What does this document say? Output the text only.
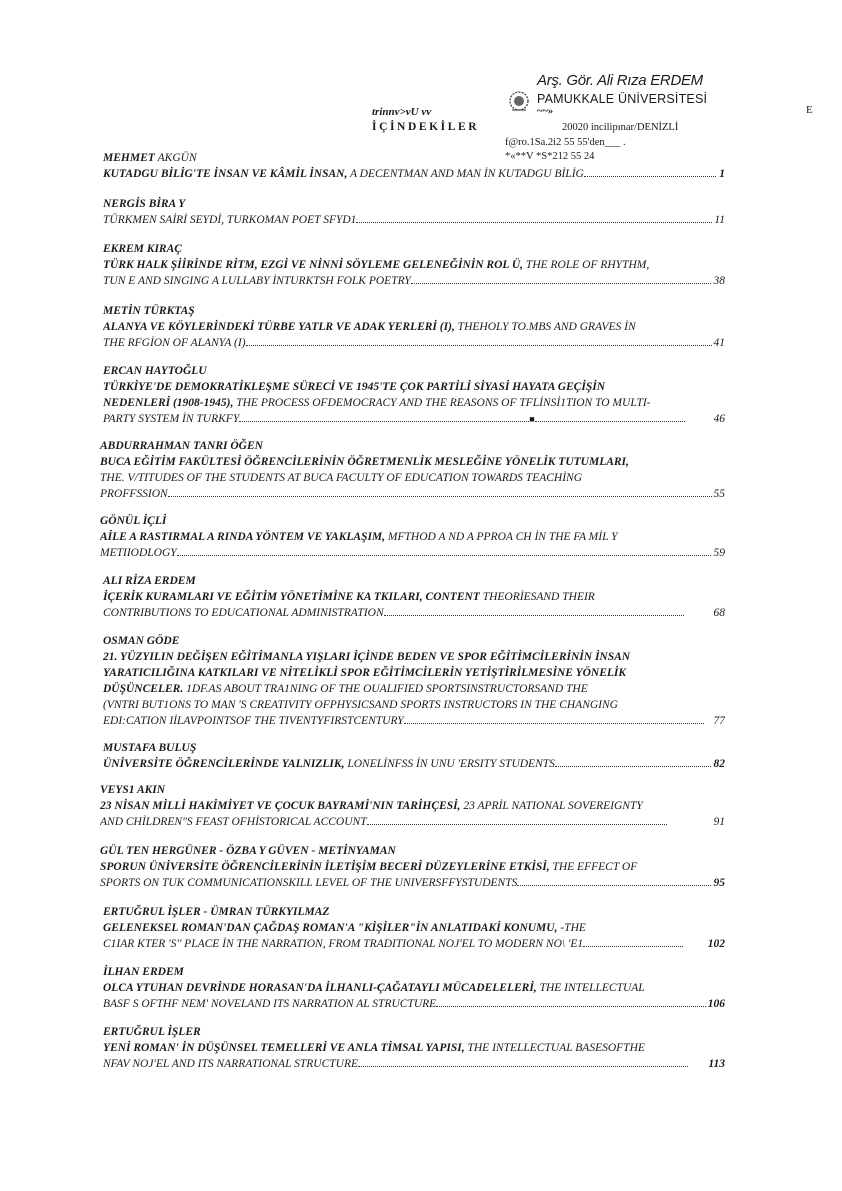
Arş. Gör. Ali Rıza ERDEM
PAMUKKALE ÜNİVERSİTESİ
~~»
trinnv>vU vv
İÇİNDEKİLER	20020 incilipınar/DENİZLİ
f@ro.1Sa.2i2 55 55'den___ .
*«**V *S*212 55 24
E
MEHMET AKGÜN
KUTADGU BİLİG'TE İNSAN VE KÂMİL İNSAN, A DECENTMAN AND MAN İN KUTADGU BİLİG	1
NERGİS BİRA Y
TÜRKMEN SAİRİ SEYDİ, TURKOMAN POET SFYD1	11
EKREM KIRAÇ
TÜRK HALK ŞİİRİNDE RİTM, EZGİ VE NİNNİ SÖYLEME GELENEĞİNİN ROL Ü, THE ROLE OF RHYTHM,
TUN E AND SINGING A LULLABY İNTURKTSH FOLK POETRY	38
METİN TÜRKTAŞ
ALANYA VE KÖYLERİNDEKİ TÜRBE YATLR VE ADAK YERLERİ (I), THEHOLY TO.MBS AND GRAVES İN
THE RFGİON OF ALANYA (I)	41
ERCAN HAYTOĞLU
TÜRKİYE'DE DEMOKRATİKLEŞME SÜRECİ VE 1945'TE ÇOK PARTİLİ SİYASİ HAYATA GEÇİŞİN
NEDENLERİ (1908-1945), THE PROCESS OFDEMOCRACY AND THE REASONS OF TFLİNSİ1TION TO MULTI-
PARTY SYSTEM İN TURKFY	■	46
ABDURRAHMAN TANRI ÖĞEN
BUCA EĞİTİM FAKÜLTESİ ÖĞRENCİLERİNİN ÖĞRETMENLİK MESLEĞİNE YÖNELİK TUTUMLARI,
THE. V/TITUDES OF THE STUDENTS AT BUCA FACULTY OF EDUCATION TOWARDS TEACHİNG
PROFFSSION	55
GÖNÜL İÇLİ
AİLE A RASTIRMAL A RINDA YÖNTEM VE YAKLAŞIM, MFTHOD A ND A PPROA CH İN THE FA MİL Y
METIIODLOGY	59
ALI RİZA ERDEM
İÇERİK KURAMLARI VE EĞİTİM YÖNETİMİNE KA TKILARI, CONTENT THEORİESAND THEIR
CONTRIBUTIONS TO EDUCATIONAL ADMINISTRATION	68
OSMAN GÖDE
21. YÜZYILIN DEĞİŞEN EĞİTİMANLA YIŞLARI İÇİNDE BEDEN VE SPOR EĞİTİMCİLERİNİN İNSAN
YARATICILIĞINA KATKILARI VE NİTELİKLİ SPOR EĞİTİMCİLERİN YETİŞTİRİLMESİNE YÖNELİK
DÜŞÜNCELER. 1DF.AS ABOUT TRA1NING OF THE OUALIFIED SPORTSINSTRUCTORSAND THE
(VNTRI BUT1ONS TO MAN 'S CREATIVITY OFPHYSICSAND SPORTS INSTRUCTORS IN THE CHANGING
EDI:CATION IİLAVPOINTSOF THE TIVENTYFIRSTCENTURY	77
MUSTAFA BULUŞ
ÜNİVERSİTE ÖĞRENCİLERİNDE YALNIZLIK, LONELİNFSS İN UNU 'ERSITY STUDENTS	82
VEYS1 AKIN
23 NİSAN MİLLİ HAKİMİYET VE ÇOCUK BAYRAMİ'NIN TARİHÇESİ, 23 APRİL NATIONAL SOVEREIGNTY
AND CHİLDREN"S FEAST OFHİSTORICAL ACCOUNT	91
GÜL TEN HERGÜNER - ÖZBA Y GÜVEN - METİNYAMAN
SPORUN ÜNİVERSİTE ÖĞRENCİLERİNİN İLETİŞİM BECERİ DÜZEYLERİNE ETKİSİ, THE EFFECT OF
SPORTS ON TUK COMMUNICATIONSKILL LEVEL OF THE UNIVERSFFYSTUDENTS	95
ERTUĞRUL İŞLER - ÜMRAN TÜRKYILMAZ
GELENEKSEL ROMAN'DAN ÇAĞDAŞ ROMAN'A "KİŞİLER"İN ANLATIDAKİ KONUMU, -THE
C1IAR KTER 'S'' PLACE İN THE NARRATION, FROM TRADITIONAL NOJ'EL TO MODERN NO\ 'E1	102
İLHAN ERDEM
OLCA YTUHAN DEVRİNDE HORASAN'DA İLHANLI-ÇAĞATAYLI MÜCADELELERİ, THE INTELLECTUAL
BASF S OFTHF NEM' NOVELAND ITS NARRATION AL STRUCTURE	106
ERTUĞRUL İŞLER
YENİ ROMAN' İN DÜŞÜNSEL TEMELLERİ VE ANLA TİMSAL YAPISI, THE INTELLECTUAL BASESOFTHE
NFAV NOJ'EL AND ITS NARRATIONAL STRUCTURE	113
